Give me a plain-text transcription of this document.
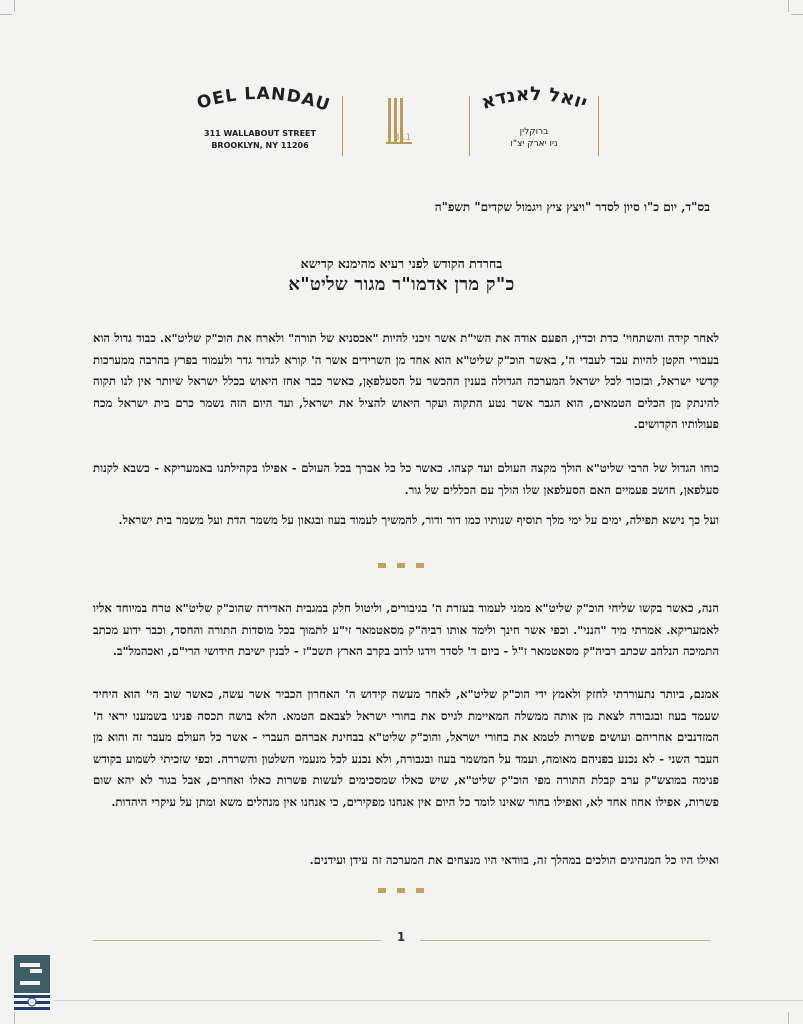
OEL LANDA
311 WALLABOUT STREET
BROOKLYN, NY 11206
311
יואל לאנדא
ברוקלין
ניו יארק יצ"ו
בס"ד, יום כ"ו סיון לסדר "ויצץ ציץ ויגמול שקדים" תשפ"ה
בחרדת הקודש לפני רעיא מהימנא קדישא
כ"ק מרן אדמו"ר מגור שליט"א
לאחר קידה והשתחוי' כדת וכדין, הפעם אודה את השי"ת אשר זיכני להיות "אכסניא של תורה" ולארח את הוכ"ק שליט"א. כבוד גדול הוא בעבורי הקטן להיות עבד לעבדי ה', באשר הוכ"ק שליט"א הוא אחד מן השרידים אשר ה' קורא לגדור גדר ולעמוד בפרץ בהרבה ממערכות קדשי ישראל, ובזכור לכל ישראל המערכה הגדולה בענין ההכשר על הסעלפאָן, כאשר כבר אחז היאוש בכלל ישראל שיותר אין לנו תקוה להינתק מן הכלים הטמאים, הוא הגבר אשר נטע התקוה ועקר היאוש להציל את ישראל, ועד היום הזה נשמר כרם בית ישראל מכח פעולותיו הקדושים.
כוחו הגדול של הרבי שליט"א הולך מקצה העולם ועד קצהו. כאשר כל כל אברך בכל העולם - אפילו בקהילתנו באמעריקא - כשבא לקנות סעלפאן, חושב פעמיים האם הסעלפאן שלו הולך עם הכללים של גור.
ועל כך נישא תפילה, ימים על ימי מלך תוסיף שנותיו כמו דור ודור, להמשיך לעמוד בעוז ובגאון על משמר הדת ועל משמר בית ישראל.
הנה, כאשר בקשו שליחי הוכ"ק שליט"א ממני לעמוד בעזרת ה' בגיבורים, וליטול חלק במגבית האדירה שהוכ"ק שליט"א טרח במיוחד אליו לאמעריקא. אמרתי מיד "הנני". וכפי אשר חינך ולימד אותו רביה"ק מסאטמאר זי"ע לתמוך בכל מוסדות התורה והחסד, וכבר ידוע מכתב התמיכה הנלהב שכתב רביה"ק מסאטמאר ז"ל - ביום ד' לסדר וידגו לרוב בקרב הארץ תשכ"ז - לבנין ישיבת חידושי הרי"ם, ואכהמל"ב.
אמנם, ביותר נתעוררתי לחזק ולאמץ ידי הוכ"ק שליט"א, לאחר מעשה קידוש ה' האחרון הכביר אשר עשה, כאשר שוב הי' הוא היחיד שעמד בעוז ובגבורה לצאת מן אותה ממשלה המאיימת לגייס את בחורי ישראל לצבאם הטמא. הלא בושה תכסה פנינו בשמענו יראי ה' המזדנבים אחריהם ועושים פשרות לטמא את בחורי ישראל, והוכ"ק שליט"א בבחינת אברהם העברי - אשר כל העולם מעבר זה והוא מן העבר השני - לא נכנע בפניהם מאומה, ועמד על המשמר בעוז ובגבורה, ולא נכנע לכל מנעמי השלטון והשררה. וכפי שזכיתי לשמוע בקודש פנימה במוצש"ק ערב קבלת התורה מפי הוכ"ק שליט"א, שיש כאלו שמסכימים לעשות פשרות כאלו ואחרים, אבל בגור לא יהא שום פשרות, אפילו אחוז אחד לא, ואפילו בחור שאינו לומד כל היום אין אנחנו מפקירים, כי אנחנו אין מנהלים משא ומתן על עיקרי היהדות.
ואילו היו כל המנהיגים הולכים במהלך זה, בוודאי היו מנצחים את המערכה זה עידן ועידנים.
1
